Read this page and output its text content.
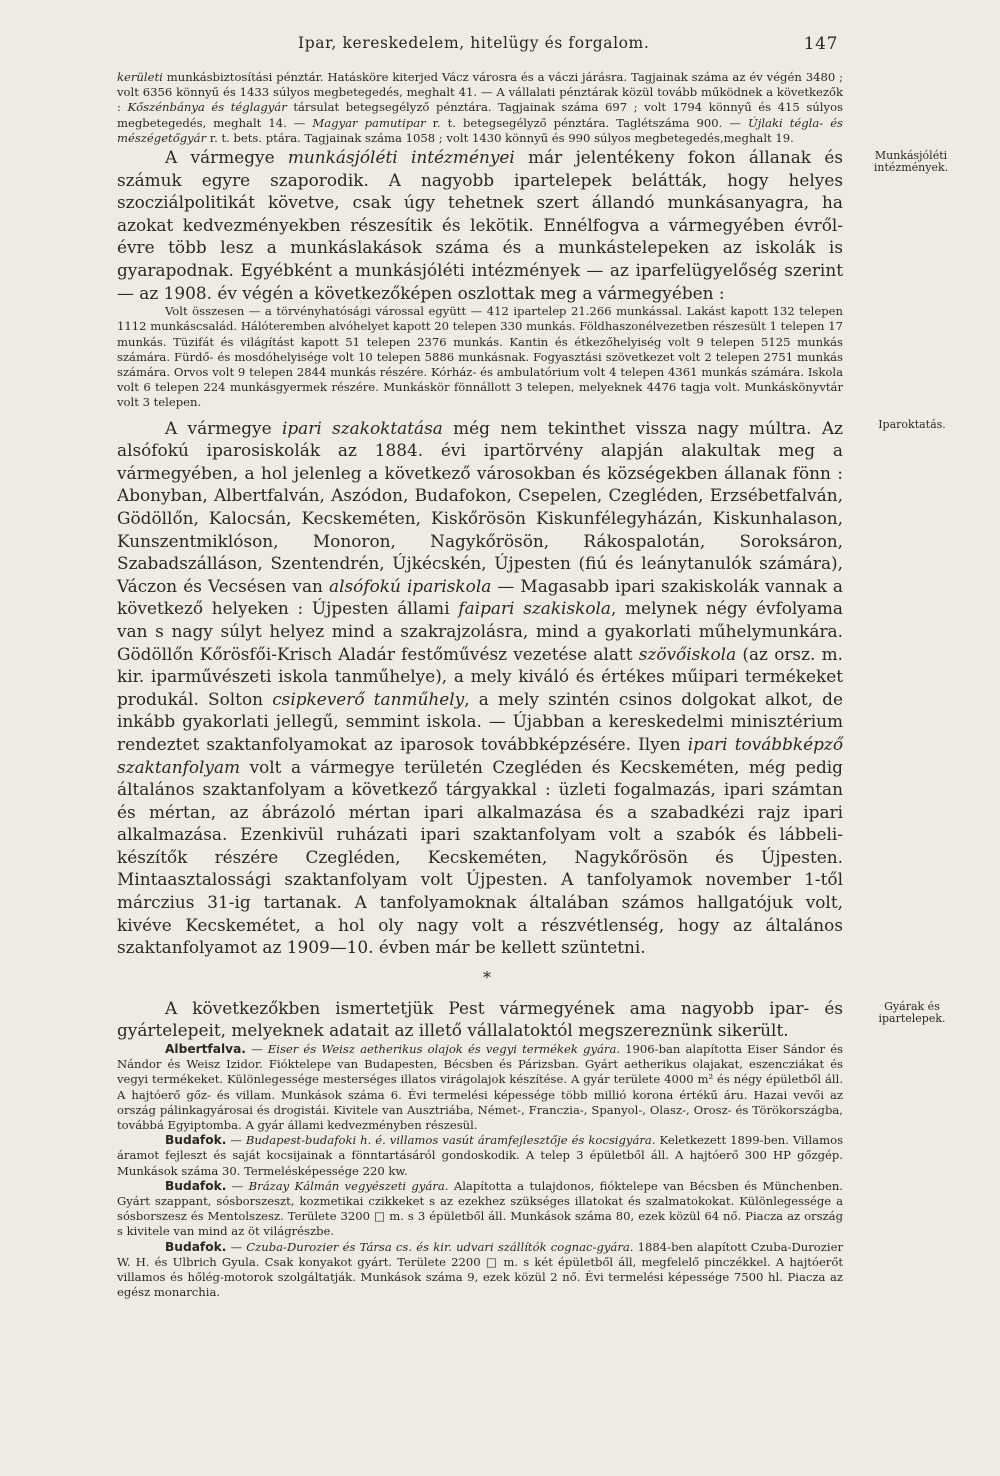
Ipar, kereskedelem, hitelügy és forgalom.	147

kerületi munkásbiztosítási pénztár. Hatásköre kiterjed Vácz városra és a váczi járásra. Tagjainak száma az év végén 3480 ; volt 6356 könnyű és 1433 súlyos megbetegedés, meghalt 41. — A vállalati pénztárak közül tovább működnek a következők : Kőszénbánya és téglagyár társulat betegsegélyző pénztára. Tagjainak száma 697 ; volt 1794 könnyű és 415 súlyos megbetegedés, meghalt 14. — Magyar pamutipar r. t. betegsegélyző pénztára. Taglétszáma 900. — Újlaki tégla- és mészégetőgyár r. t. bets. ptára. Tagjainak száma 1058 ; volt 1430 könnyű és 990 súlyos megbetegedés,meghalt 19.

Munkásjóléti intézmények.

A vármegye munkásjóléti intézményei már jelentékeny fokon állanak és számuk egyre szaporodik. A nagyobb ipartelepek belátták, hogy helyes szocziálpolitikát követve, csak úgy tehetnek szert állandó munkásanyagra, ha azokat kedvezményekben részesítik és lekötik. Ennélfogva a vármegyében évről-évre több lesz a munkáslakások száma és a munkástelepeken az iskolák is gyarapodnak. Egyébként a munkásjóléti intézmények — az iparfelügyelőség szerint — az 1908. év végén a következőképen oszlottak meg a vármegyében :

Volt összesen — a törvényhatósági várossal együtt — 412 ipartelep 21.266 munkással. Lakást kapott 132 telepen 1112 munkáscsalád. Hálóteremben alvóhelyet kapott 20 telepen 330 munkás. Földhaszonélvezetben részesült 1 telepen 17 munkás. Tüzifát és világítást kapott 51 telepen 2376 munkás. Kantin és étkezőhelyiség volt 9 telepen 5125 munkás számára. Fürdő- és mosdóhelyisége volt 10 telepen 5886 munkásnak. Fogyasztási szövetkezet volt 2 telepen 2751 munkás számára. Orvos volt 9 telepen 2844 munkás részére. Kórház- és ambulatórium volt 4 telepen 4361 munkás számára. Iskola volt 6 telepen 224 munkásgyermek részére. Munkáskör fönnállott 3 telepen, melyeknek 4476 tagja volt. Munkáskönyvtár volt 3 telepen.

Iparoktatás.

A vármegye ipari szakoktatása még nem tekinthet vissza nagy múltra. Az alsófokú iparosiskolák az 1884. évi ipartörvény alapján alakultak meg a vármegyében, a hol jelenleg a következő városokban és községekben állanak fönn : Abonyban, Albertfalván, Aszódon, Budafokon, Csepelen, Czegléden, Erzsébetfalván, Gödöllőn, Kalocsán, Kecskeméten, Kiskőrösön Kiskunfélegyházán, Kiskunhalason, Kunszentmiklóson, Monoron, Nagykőrösön, Rákospalotán, Soroksáron, Szabadszálláson, Szentendrén, Újkécskén, Újpesten (fiú és leánytanulók számára), Váczon és Vecsésen van alsófokú ipariskola — Magasabb ipari szakiskolák vannak a következő helyeken : Újpesten állami faipari szakiskola, melynek négy évfolyama van s nagy súlyt helyez mind a szakrajzolásra, mind a gyakorlati műhelymunkára. Gödöllőn Kőrösfői-Krisch Aladár festőművész vezetése alatt szövőiskola (az orsz. m. kir. iparművészeti iskola tanműhelye), a mely kiváló és értékes műipari termékeket produkál. Solton csipkeverő tanműhely, a mely szintén csinos dolgokat alkot, de inkább gyakorlati jellegű, semmint iskola. — Újabban a kereskedelmi minisztérium rendeztet szaktanfolyamokat az iparosok továbbképzésére. Ilyen ipari továbbképző szaktanfolyam volt a vármegye területén Czegléden és Kecskeméten, még pedig általános szaktanfolyam a következő tárgyakkal : üzleti fogalmazás, ipari számtan és mértan, az ábrázoló mértan ipari alkalmazása és a szabadkézi rajz ipari alkalmazása. Ezenkivül ruházati ipari szaktanfolyam volt a szabók és lábbeli-készítők részére Czegléden, Kecskeméten, Nagykőrösön és Újpesten. Mintaasztalossági szaktanfolyam volt Újpesten. A tanfolyamok november 1-től márczius 31-ig tartanak. A tanfolyamoknak általában számos hallgatójuk volt, kivéve Kecskemétet, a hol oly nagy volt a részvétlenség, hogy az általános szaktanfolyamot az 1909—10. évben már be kellett szüntetni.

*
Gyárak és ipartelepek.

A következőkben ismertetjük Pest vármegyének ama nagyobb ipar- és gyártelepeit, melyeknek adatait az illető vállalatoktól megszereznünk sikerült.

Albertfalva. — Eiser és Weisz aetherikus olajok és vegyi termékek gyára. 1906-ban alapította Eiser Sándor és Nándor és Weisz Izidor. Fióktelepe van Budapesten, Bécsben és Párizsban. Gyárt aetherikus olajakat, eszencziákat és vegyi termékeket. Különlegessége mesterséges illatos virágolajok készítése. A gyár területe 4000 m² és négy épületből áll. A hajtóerő gőz- és villam. Munkások száma 6. Évi termelési képessége több millió korona értékű áru. Hazai vevői az ország pálinkagyárosai és drogistái. Kivitele van Ausztriába, Német-, Franczia-, Spanyol-, Olasz-, Orosz- és Törökországba, továbbá Egyiptomba. A gyár állami kedvezményben részesül.

Budafok. — Budapest-budafoki h. é. villamos vasút áramfejlesztője és kocsigyára. Keletkezett 1899-ben. Villamos áramot fejleszt és saját kocsijainak a fönntartásáról gondoskodik. A telep 3 épületből áll. A hajtóerő 300 HP gőzgép. Munkások száma 30. Termelésképessége 220 kw.

Budafok. — Brázay Kálmán vegyészeti gyára. Alapította a tulajdonos, fióktelepe van Bécsben és Münchenben. Gyárt szappant, sósborszeszt, kozmetikai czikkeket s az ezekhez szükséges illatokat és szalmatokokat. Különlegessége a sósborszesz és Mentolszesz. Területe 3200 □ m. s 3 épületből áll. Munkások száma 80, ezek közül 64 nő. Piacza az ország s kivitele van mind az öt világrészbe.

Budafok. — Czuba-Durozier és Társa cs. és kir. udvari szállítók cognac-gyára. 1884-ben alapított Czuba-Durozier W. H. és Ulbrich Gyula. Csak konyakot gyárt. Területe 2200 □ m. s két épületből áll, megfelelő pinczékkel. A hajtóerőt villamos és hőlég-motorok szolgáltatják. Munkások száma 9, ezek közül 2 nő. Évi termelési képessége 7500 hl. Piacza az egész monarchia.
